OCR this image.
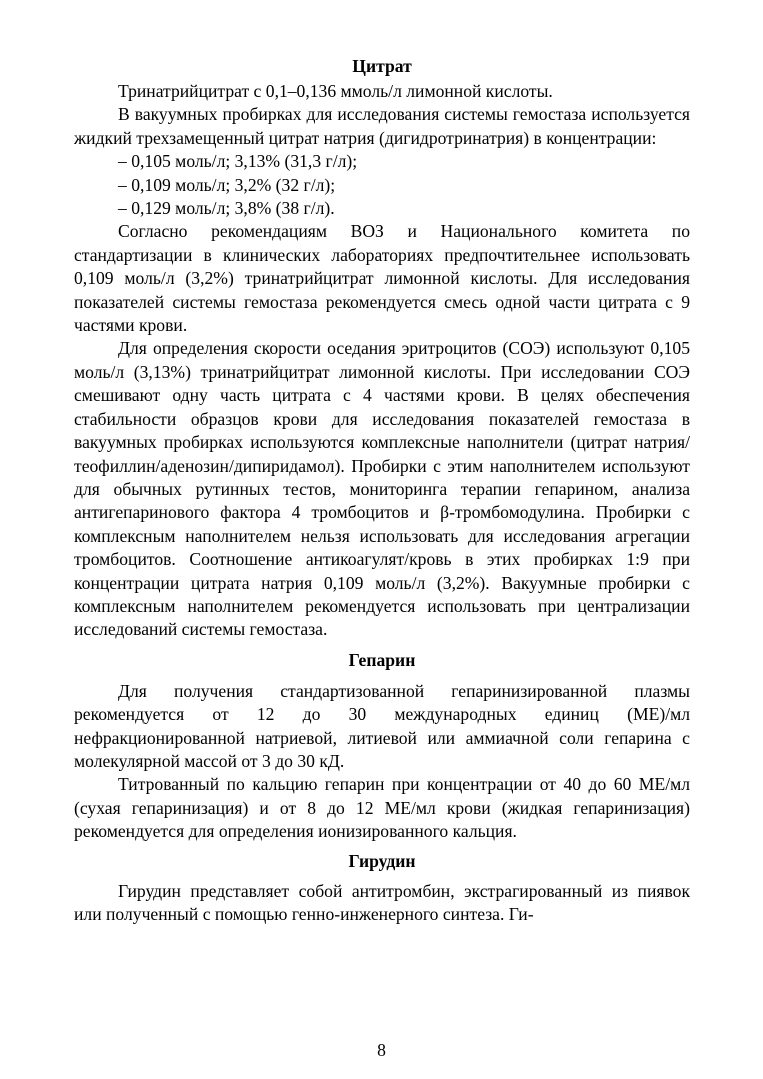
Цитрат

Тринатрийцитрат с 0,1–0,136 ммоль/л лимонной кислоты.

В вакуумных пробирках для исследования системы гемостаза используется жидкий трехзамещенный цитрат натрия (дигидротринатрия) в концентрации:

– 0,105 моль/л; 3,13% (31,3 г/л);

– 0,109 моль/л; 3,2% (32 г/л);

– 0,129 моль/л; 3,8% (38 г/л).

Согласно рекомендациям ВОЗ и Национального комитета по стандартизации в клинических лабораториях предпочтительнее использовать 0,109 моль/л (3,2%) тринатрийцитрат лимонной кислоты. Для исследования показателей системы гемостаза рекомендуется смесь одной части цитрата с 9 частями крови.

Для определения скорости оседания эритроцитов (СОЭ) используют 0,105 моль/л (3,13%) тринатрийцитрат лимонной кислоты. При исследовании СОЭ смешивают одну часть цитрата с 4 частями крови. В целях обеспечения стабильности образцов крови для исследования показателей гемостаза в вакуумных пробирках используются комплексные наполнители (цитрат натрия/теофиллин/аденозин/дипиридамол). Пробирки с этим наполнителем используют для обычных рутинных тестов, мониторинга терапии гепарином, анализа антигепаринового фактора 4 тромбоцитов и β-тромбомодулина. Пробирки с комплексным наполнителем нельзя использовать для исследования агрегации тромбоцитов. Соотношение антикоагулят/кровь в этих пробирках 1:9 при концентрации цитрата натрия 0,109 моль/л (3,2%). Вакуумные пробирки с комплексным наполнителем рекомендуется использовать при централизации исследований системы гемостаза.

Гепарин

Для получения стандартизованной гепаринизированной плазмы рекомендуется от 12 до 30 международных единиц (МЕ)/мл нефракционированной натриевой, литиевой или аммиачной соли гепарина с молекулярной массой от 3 до 30 кД.

Титрованный по кальцию гепарин при концентрации от 40 до 60 МЕ/мл (сухая гепаринизация) и от 8 до 12 МЕ/мл крови (жидкая гепаринизация) рекомендуется для определения ионизированного кальция.

Гирудин

Гирудин представляет собой антитромбин, экстрагированный из пиявок или полученный с помощью генно-инженерного синтеза. Ги-

8
